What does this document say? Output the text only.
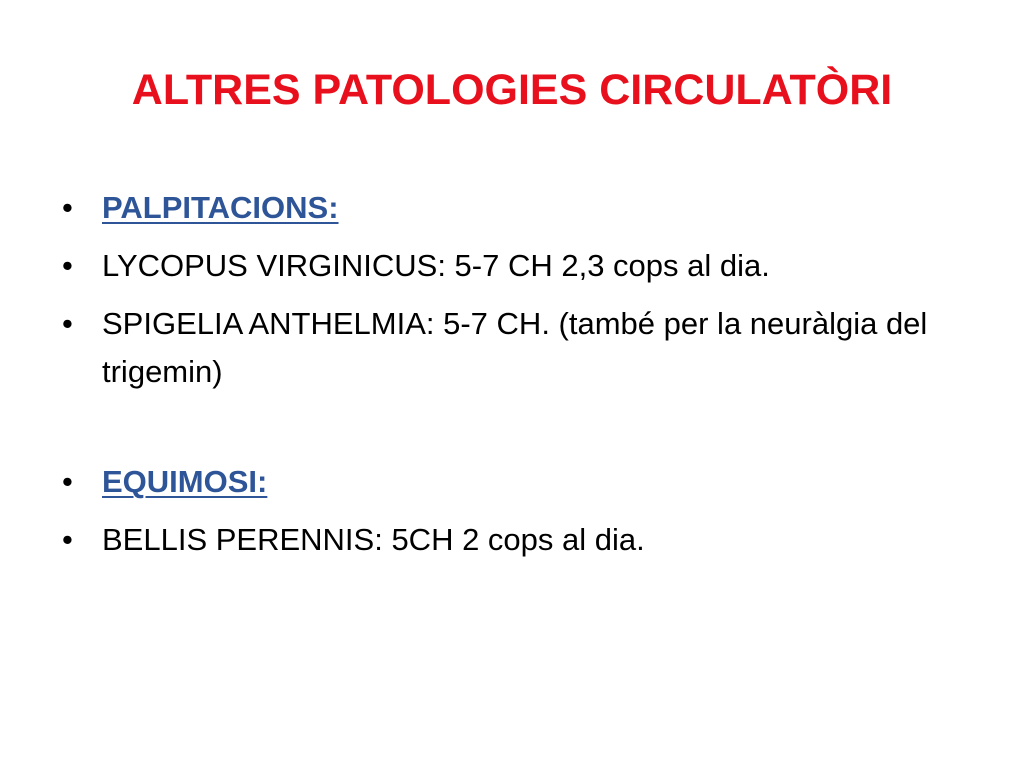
ALTRES PATOLOGIES CIRCULATÒRI
• PALPITACIONS:
• LYCOPUS VIRGINICUS: 5-7 CH 2,3 cops al dia.
• SPIGELIA ANTHELMIA: 5-7 CH. (també per la neuràlgia del trigemin)
• EQUIMOSI:
• BELLIS PERENNIS: 5CH 2 cops al dia.
